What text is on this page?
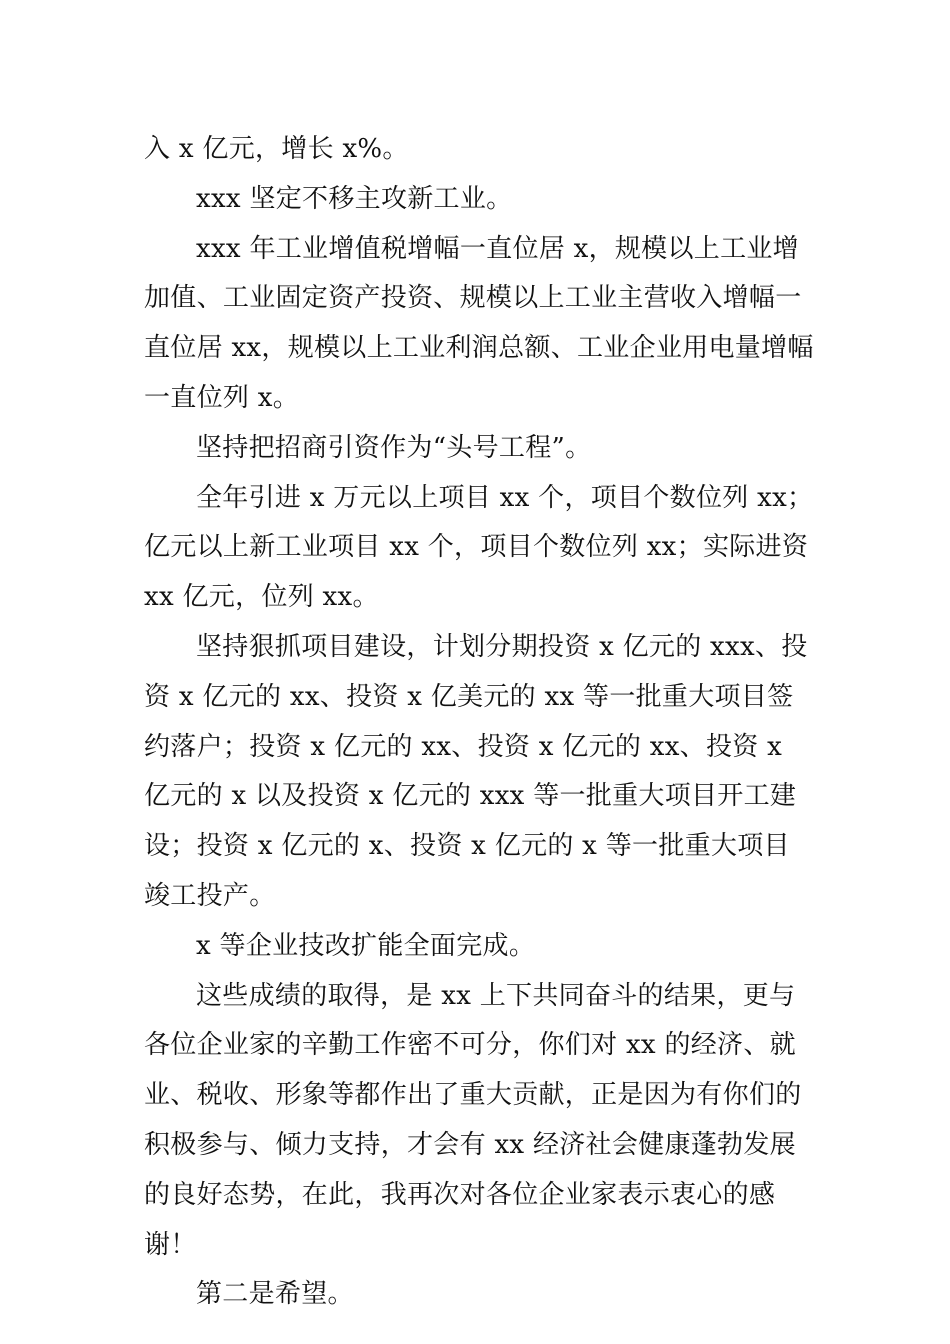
入 x 亿元，增长 x%。

xxx 坚定不移主攻新工业。

xxx 年工业增值税增幅一直位居 x，规模以上工业增加值、工业固定资产投资、规模以上工业主营收入增幅一直位居 xx，规模以上工业利润总额、工业企业用电量增幅一直位列 x。

坚持把招商引资作为“头号工程”。

全年引进 x 万元以上项目 xx 个，项目个数位列 xx；亿元以上新工业项目 xx 个，项目个数位列 xx；实际进资 xx 亿元，位列 xx。

坚持狠抓项目建设，计划分期投资 x 亿元的 xxx、投资 x 亿元的 xx、投资 x 亿美元的 xx 等一批重大项目签约落户；投资 x 亿元的 xx、投资 x 亿元的 xx、投资 x 亿元的 x 以及投资 x 亿元的 xxx 等一批重大项目开工建设；投资 x 亿元的 x、投资 x 亿元的 x 等一批重大项目竣工投产。

x 等企业技改扩能全面完成。

这些成绩的取得，是 xx 上下共同奋斗的结果，更与各位企业家的辛勤工作密不可分，你们对 xx 的经济、就业、税收、形象等都作出了重大贡献，正是因为有你们的积极参与、倾力支持，才会有 xx 经济社会健康蓬勃发展的良好态势，在此，我再次对各位企业家表示衷心的感谢！

第二是希望。
